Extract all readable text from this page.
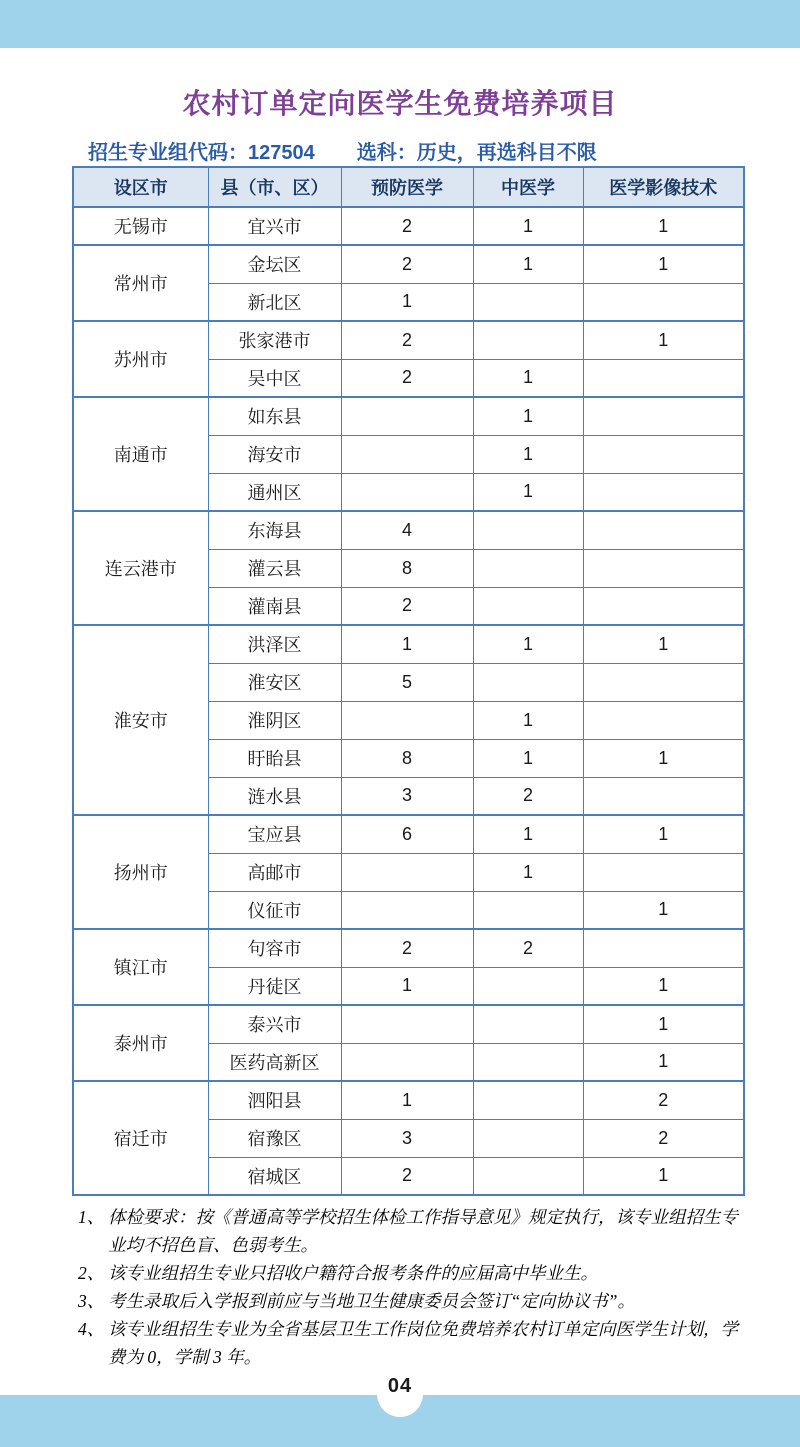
农村订单定向医学生免费培养项目
招生专业组代码：127504 选科：历史，再选科目不限
设区市	县（市、区）	预防医学	中医学	医学影像技术
无锡市	宜兴市	2	1	1
常州市	金坛区	2	1	1
	新北区	1		
苏州市	张家港市	2		1
	吴中区	2	1	
南通市	如东县		1	
	海安市		1	
	通州区		1	
连云港市	东海县	4		
	灌云县	8		
	灌南县	2		
淮安市	洪泽区	1	1	1
	淮安区	5		
	淮阴区		1	
	盱眙县	8	1	1
	涟水县	3	2	
扬州市	宝应县	6	1	1
	高邮市		1	
	仪征市			1
镇江市	句容市	2	2	
	丹徒区	1		1
泰州市	泰兴市			1
	医药高新区			1
宿迁市	泗阳县	1		2
	宿豫区	3		2
	宿城区	2		1
1、 体检要求：按《普通高等学校招生体检工作指导意见》规定执行，该专业组招生专业均不招色盲、色弱考生。
2、 该专业组招生专业只招收户籍符合报考条件的应届高中毕业生。
3、 考生录取后入学报到前应与当地卫生健康委员会签订“定向协议书”。
4、 该专业组招生专业为全省基层卫生工作岗位免费培养农村订单定向医学生计划，学费为 0，学制 3 年。
04
